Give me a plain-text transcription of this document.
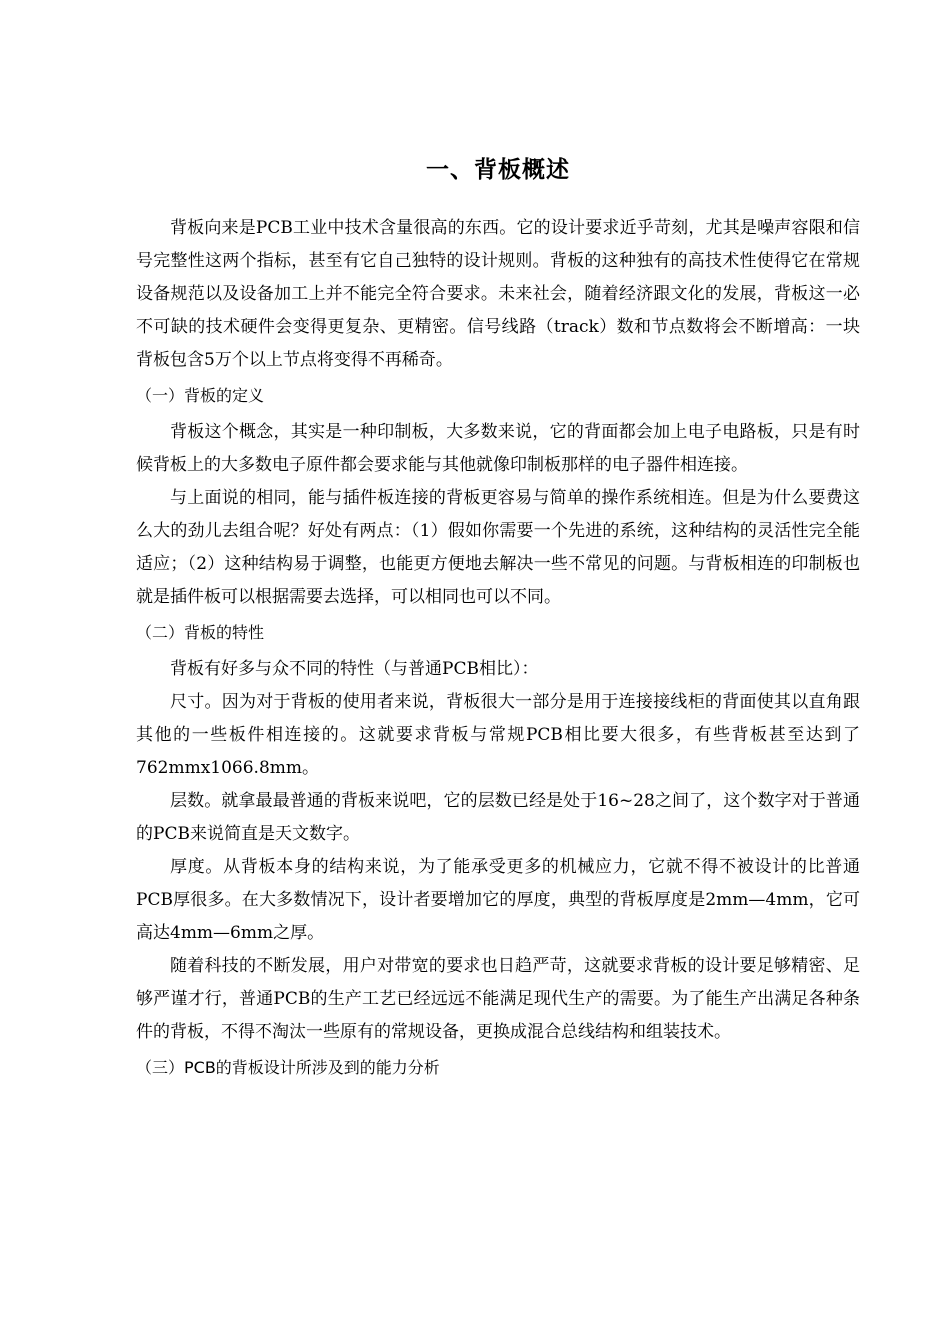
一、背板概述

背板向来是PCB工业中技术含量很高的东西。它的设计要求近乎苛刻，尤其是噪声容限和信号完整性这两个指标，甚至有它自己独特的设计规则。背板的这种独有的高技术性使得它在常规设备规范以及设备加工上并不能完全符合要求。未来社会，随着经济跟文化的发展，背板这一必不可缺的技术硬件会变得更复杂、更精密。信号线路（track）数和节点数将会不断增高：一块背板包含5万个以上节点将变得不再稀奇。

（一）背板的定义

背板这个概念，其实是一种印制板，大多数来说，它的背面都会加上电子电路板，只是有时候背板上的大多数电子原件都会要求能与其他就像印制板那样的电子器件相连接。

与上面说的相同，能与插件板连接的背板更容易与简单的操作系统相连。但是为什么要费这么大的劲儿去组合呢？好处有两点：（1）假如你需要一个先进的系统，这种结构的灵活性完全能适应；（2）这种结构易于调整，也能更方便地去解决一些不常见的问题。与背板相连的印制板也就是插件板可以根据需要去选择，可以相同也可以不同。

（二）背板的特性

背板有好多与众不同的特性（与普通PCB相比）：

尺寸。因为对于背板的使用者来说，背板很大一部分是用于连接接线柜的背面使其以直角跟其他的一些板件相连接的。这就要求背板与常规PCB相比要大很多，有些背板甚至达到了762mmx1066.8mm。

层数。就拿最最普通的背板来说吧，它的层数已经是处于16~28之间了，这个数字对于普通的PCB来说简直是天文数字。

厚度。从背板本身的结构来说，为了能承受更多的机械应力，它就不得不被设计的比普通PCB厚很多。在大多数情况下，设计者要增加它的厚度，典型的背板厚度是2mm—4mm，它可高达4mm—6mm之厚。

随着科技的不断发展，用户对带宽的要求也日趋严苛，这就要求背板的设计要足够精密、足够严谨才行，普通PCB的生产工艺已经远远不能满足现代生产的需要。为了能生产出满足各种条件的背板，不得不淘汰一些原有的常规设备，更换成混合总线结构和组装技术。

（三）PCB的背板设计所涉及到的能力分析
